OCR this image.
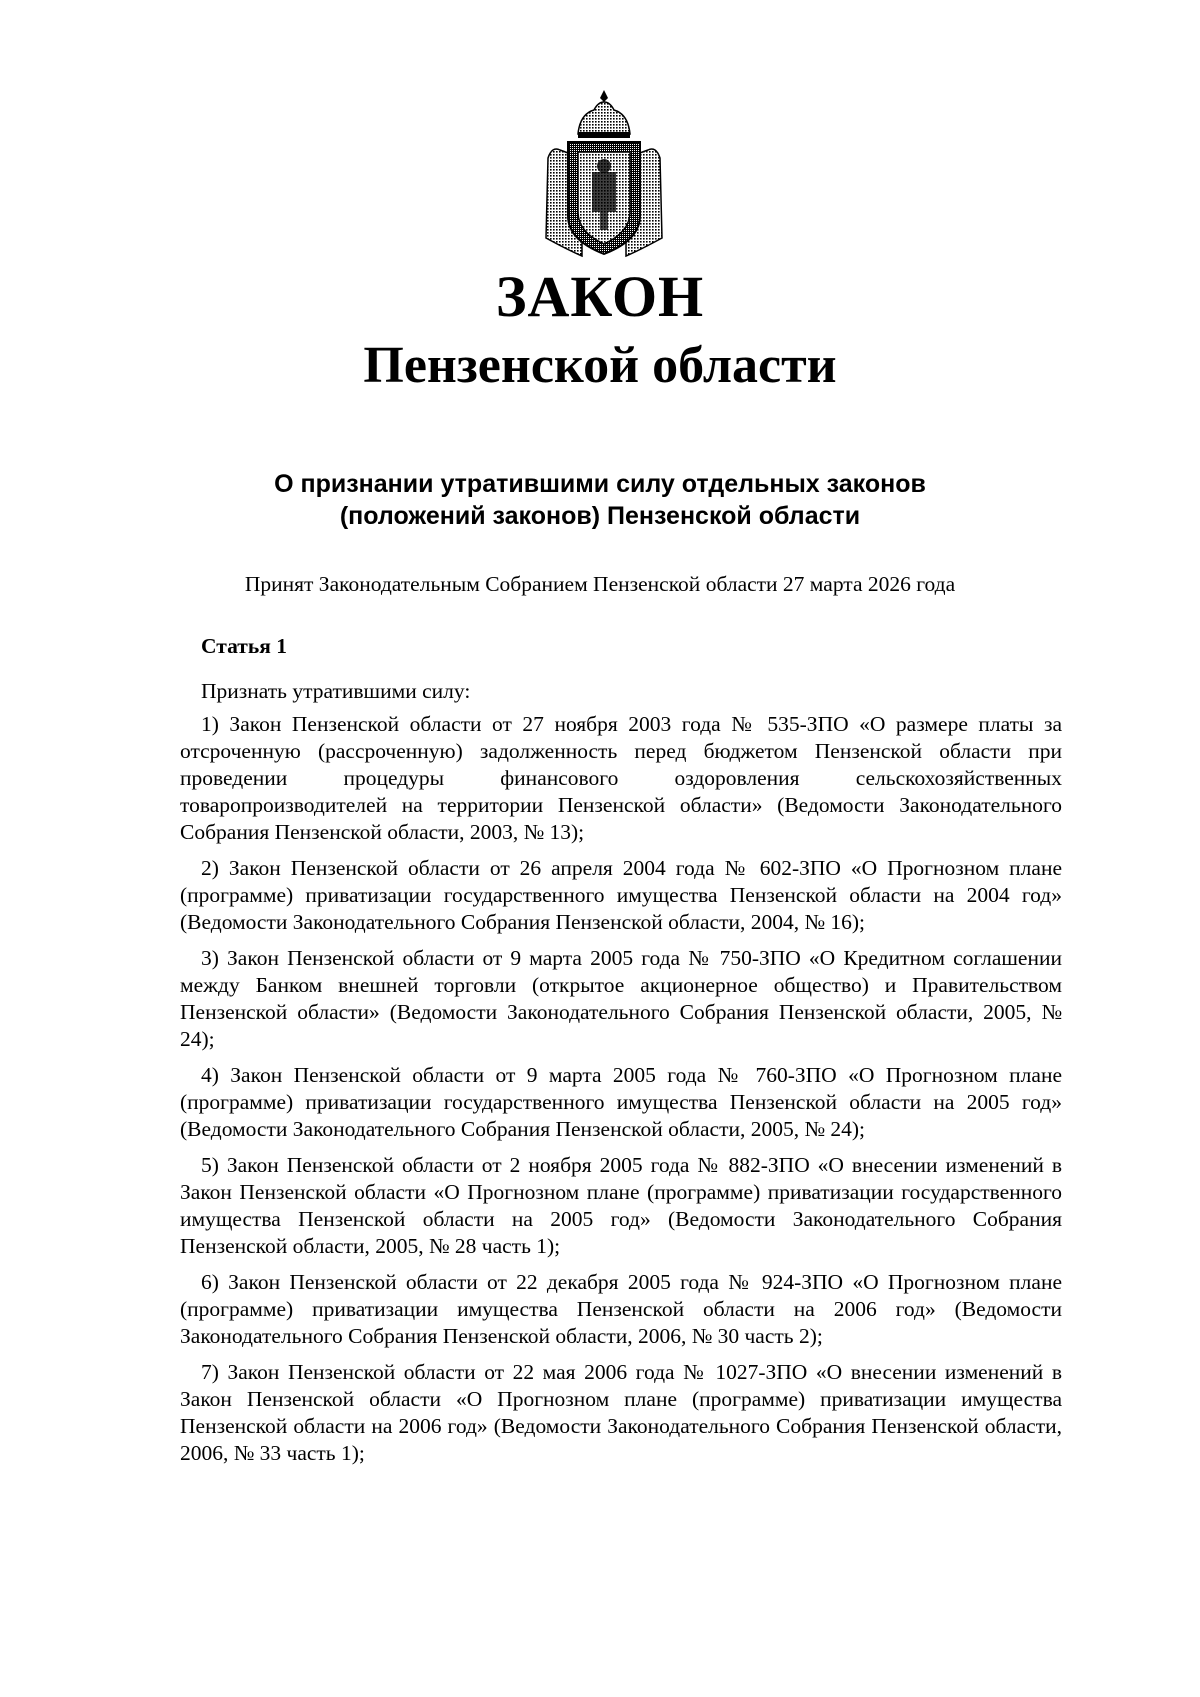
ЗАКОН
Пензенской области
О признании утратившими силу отдельных законов
(положений законов) Пензенской области
Принят Законодательным Собранием Пензенской области 27 марта 2026 года
Статья 1

Признать утратившими силу:

1) Закон Пензенской области от 27 ноября 2003 года № 535-ЗПО «О размере платы за отсроченную (рассроченную) задолженность перед бюджетом Пензенской области при проведении процедуры финансового оздоровления сельскохозяйственных товаропроизводителей на территории Пензенской области» (Ведомости Законодательного Собрания Пензенской области, 2003, № 13);

2) Закон Пензенской области от 26 апреля 2004 года № 602-ЗПО «О Прогнозном плане (программе) приватизации государственного имущества Пензенской области на 2004 год» (Ведомости Законодательного Собрания Пензенской области, 2004, № 16);

3) Закон Пензенской области от 9 марта 2005 года № 750-ЗПО «О Кредитном соглашении между Банком внешней торговли (открытое акционерное общество) и Правительством Пензенской области» (Ведомости Законодательного Собрания Пензенской области, 2005, № 24);

4) Закон Пензенской области от 9 марта 2005 года № 760-ЗПО «О Прогнозном плане (программе) приватизации государственного имущества Пензенской области на 2005 год» (Ведомости Законодательного Собрания Пензенской области, 2005, № 24);

5) Закон Пензенской области от 2 ноября 2005 года № 882-ЗПО «О внесении изменений в Закон Пензенской области «О Прогнозном плане (программе) приватизации государственного имущества Пензенской области на 2005 год» (Ведомости Законодательного Собрания Пензенской области, 2005, № 28 часть 1);

6) Закон Пензенской области от 22 декабря 2005 года № 924-ЗПО «О Прогнозном плане (программе) приватизации имущества Пензенской области на 2006 год» (Ведомости Законодательного Собрания Пензенской области, 2006, № 30 часть 2);

7) Закон Пензенской области от 22 мая 2006 года № 1027-ЗПО «О внесении изменений в Закон Пензенской области «О Прогнозном плане (программе) приватизации имущества Пензенской области на 2006 год» (Ведомости Законодательного Собрания Пензенской области, 2006, № 33 часть 1);
